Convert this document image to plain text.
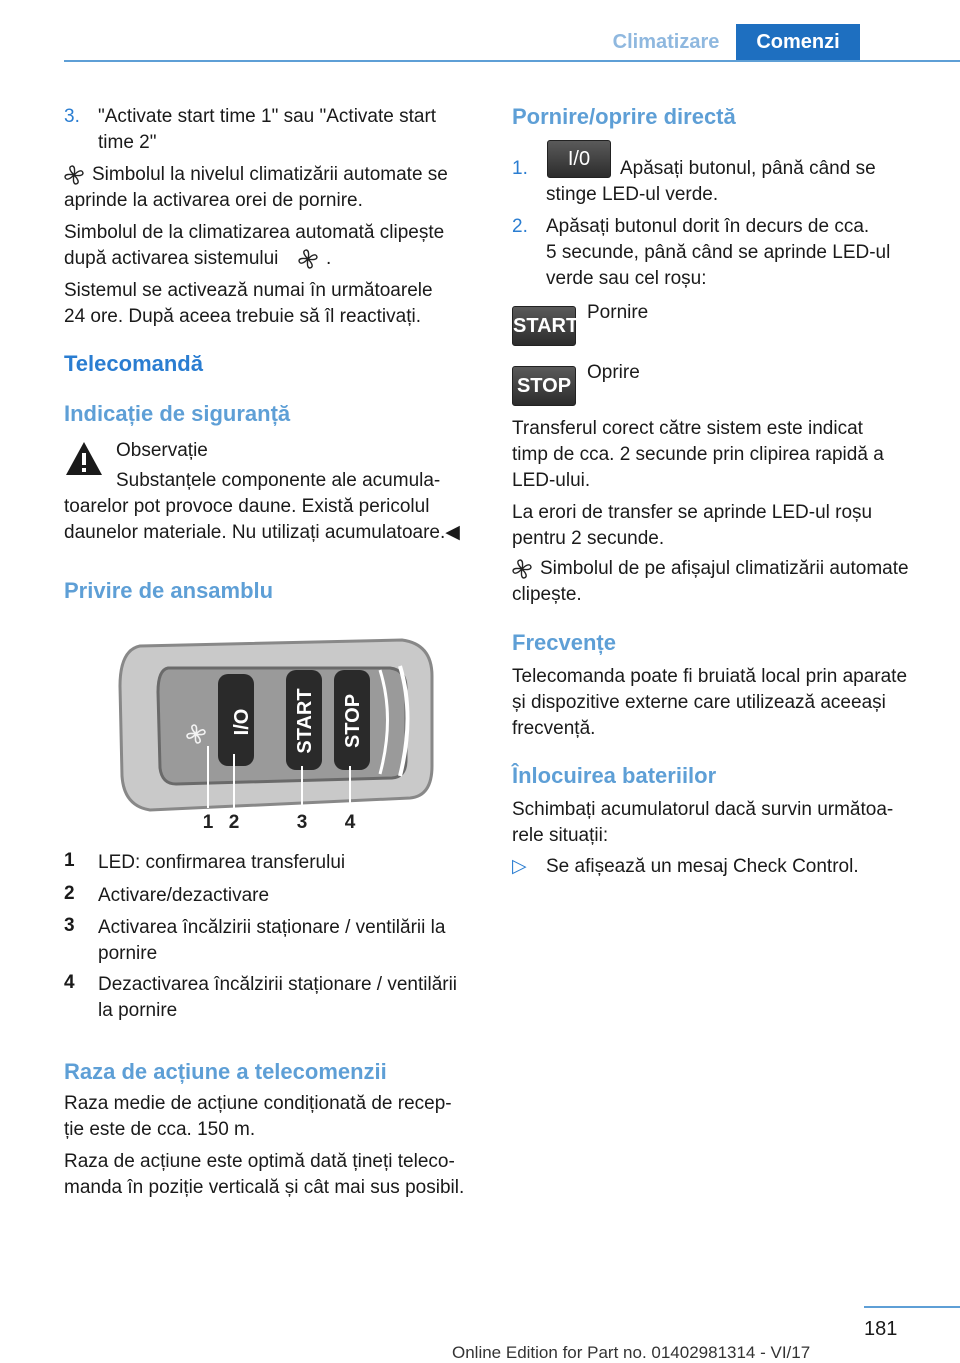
Climatizare	Comenzi
3. "Activate start time 1" sau "Activate start
time 2"
Simbolul la nivelul climatizării automate se
aprinde la activarea orei de pornire.
Simbolul de la climatizarea automată clipește
după activarea sistemului	.
Sistemul se activează numai în următoarele
24 ore. După aceea trebuie să îl reactivați.
Telecomandă
Indicație de siguranță
Observație
Substanțele componente ale acumula-
toarelor pot provoce daune. Există pericolul
daunelor materiale. Nu utilizați acumulatoare.◀
Privire de ansamblu
I/O START STOP
1 2	3 4
1 LED: confirmarea transferului
2 Activare/dezactivare
3 Activarea încălzirii staționare / ventilării la
pornire
4 Dezactivarea încălzirii staționare / ventilării
la pornire
Raza de acțiune a telecomenzii
Raza medie de acțiune condiționată de recep-
ție este de cca. 150 m.
Raza de acțiune este optimă dată țineți teleco-
manda în poziție verticală și cât mai sus posibil.
Pornire/oprire directă
1.	I/0	Apăsați butonul, până când se
stinge LED-ul verde.
2. Apăsați butonul dorit în decurs de cca.
5 secunde, până când se aprinde LED-ul
verde sau cel roșu:
START
Pornire
STOP
Oprire
Transferul corect către sistem este indicat
timp de cca. 2 secunde prin clipirea rapidă a
LED-ului.
La erori de transfer se aprinde LED-ul roșu
pentru 2 secunde.
Simbolul de pe afișajul climatizării automate
clipește.
Frecvențe
Telecomanda poate fi bruiată local prin aparate
și dispozitive externe care utilizează aceeași
frecvență.
Înlocuirea bateriilor
Schimbați acumulatorul dacă survin următoa-
rele situații:
▷ Se afișează un mesaj Check Control.
181
Online Edition for Part no. 01402981314 - VI/17
